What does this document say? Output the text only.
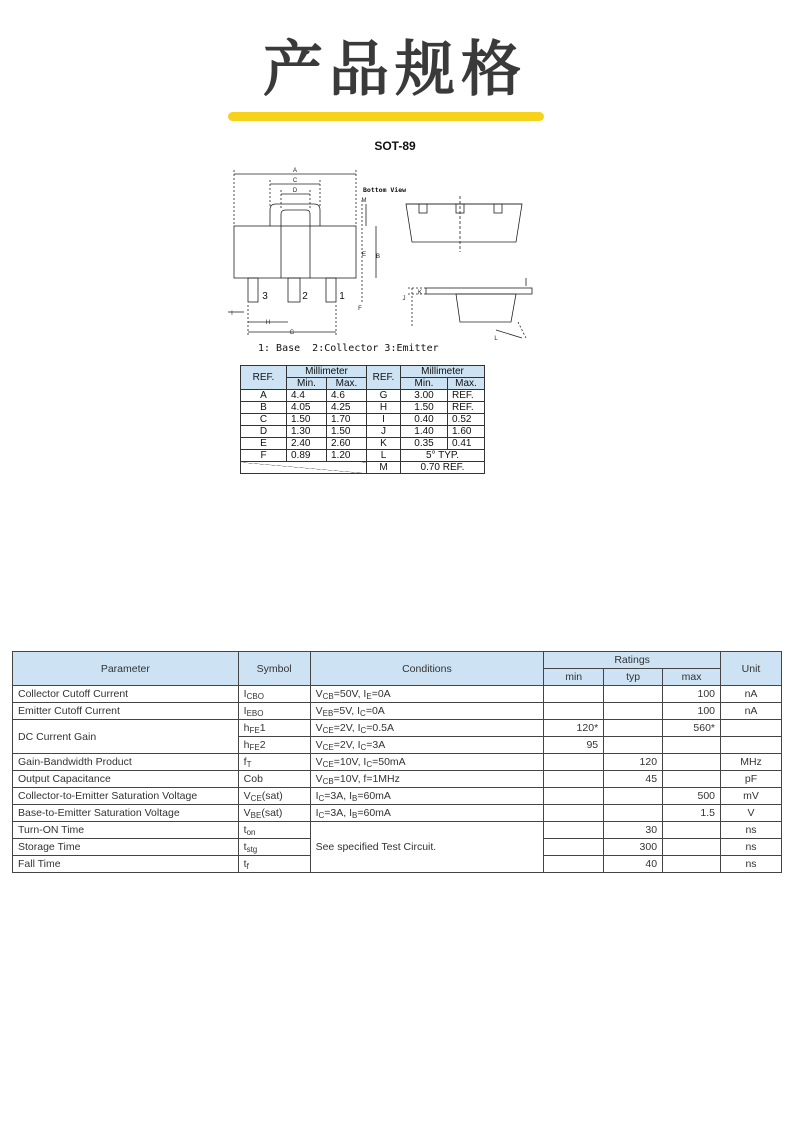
产品规格
SOT-89
A
C
D
B
E
M
F
I
H
G
J
K
L
3	2	1
Bottom View
1: Base  2:Collector 3:Emitter
REF.	Millimeter		REF.	Millimeter	
	Min.	Max.		Min.	Max.
A	4.4	4.6	G	3.00	REF.
B	4.05	4.25	H	1.50	REF.
C	1.50	1.70	I	0.40	0.52
D	1.30	1.50	J	1.40	1.60
E	2.40	2.60	K	0.35	0.41
F	0.89	1.20	L	5° TYP.	
			M	0.70 REF.	
Parameter	Symbol	Conditions	Ratings			Unit
			min	typ	max	
Collector Cutoff Current	$I_{CBO}$	$V_{CB}=50V$, $I_E=0A$			100	nA
Emitter Cutoff Current	$I_{EBO}$	$V_{EB}=5V$, $I_C=0A$			100	nA
DC Current Gain	$h_{FE}1$	$V_{CE}=2V$, $I_C=0.5A$	120*		560*	
	$h_{FE}2$	$V_{CE}=2V$, $I_C=3A$	95			
Gain-Bandwidth Product	$f_T$	$V_{CE}=10V$, $I_C=50mA$		120		MHz
Output Capacitance	Cob	$V_{CB}=10V$, f=1MHz		45		pF
Collector-to-Emitter Saturation Voltage	$V_{CE}(sat)$	$I_C=3A$, $I_B=60mA$			500	mV
Base-to-Emitter Saturation Voltage	$V_{BE}(sat)$	$I_C=3A$, $I_B=60mA$			1.5	V
Turn-ON Time	$t_{on}$	See specified Test Circuit.		30		ns
Storage Time	$t_{stg}$			300		ns
Fall Time	$t_f$			40		ns
